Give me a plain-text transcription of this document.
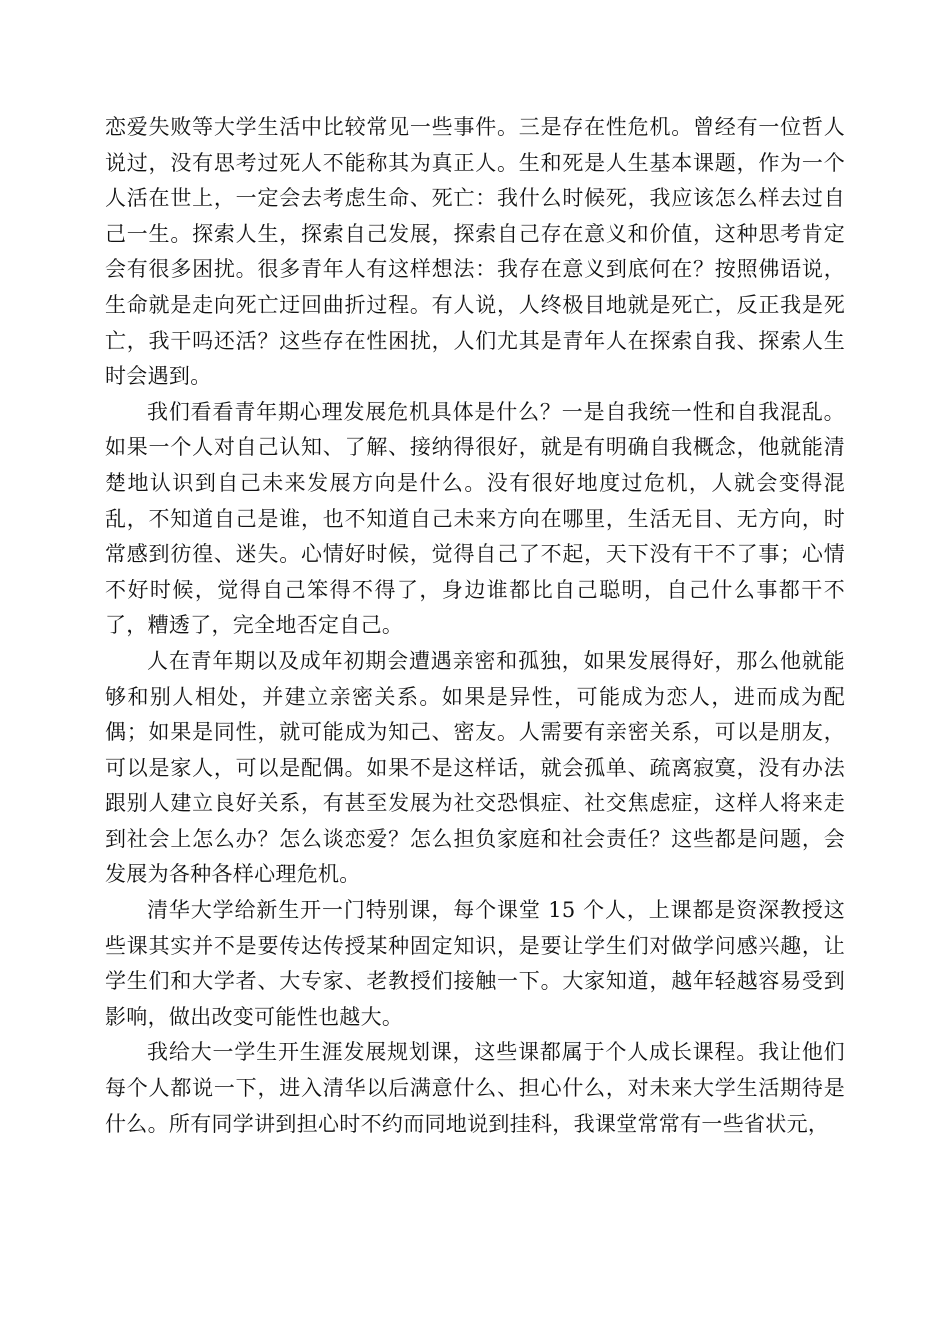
恋爱失败等大学生活中比较常见一些事件。三是存在性危机。曾经有一位哲人说过，没有思考过死人不能称其为真正人。生和死是人生基本课题，作为一个人活在世上，一定会去考虑生命、死亡：我什么时候死，我应该怎么样去过自己一生。探索人生，探索自己发展，探索自己存在意义和价值，这种思考肯定会有很多困扰。很多青年人有这样想法：我存在意义到底何在？按照佛语说，生命就是走向死亡迂回曲折过程。有人说，人终极目地就是死亡，反正我是死亡，我干吗还活？这些存在性困扰，人们尤其是青年人在探索自我、探索人生时会遇到。

我们看看青年期心理发展危机具体是什么？一是自我统一性和自我混乱。如果一个人对自己认知、了解、接纳得很好，就是有明确自我概念，他就能清楚地认识到自己未来发展方向是什么。没有很好地度过危机，人就会变得混乱，不知道自己是谁，也不知道自己未来方向在哪里，生活无目、无方向，时常感到彷徨、迷失。心情好时候，觉得自己了不起，天下没有干不了事；心情不好时候，觉得自己笨得不得了，身边谁都比自己聪明，自己什么事都干不了，糟透了，完全地否定自己。

人在青年期以及成年初期会遭遇亲密和孤独，如果发展得好，那么他就能够和别人相处，并建立亲密关系。如果是异性，可能成为恋人，进而成为配偶；如果是同性，就可能成为知己、密友。人需要有亲密关系，可以是朋友，可以是家人，可以是配偶。如果不是这样话，就会孤单、疏离寂寞，没有办法跟别人建立良好关系，有甚至发展为社交恐惧症、社交焦虑症，这样人将来走到社会上怎么办？怎么谈恋爱？怎么担负家庭和社会责任？这些都是问题，会发展为各种各样心理危机。

清华大学给新生开一门特别课，每个课堂 15 个人，上课都是资深教授这些课其实并不是要传达传授某种固定知识，是要让学生们对做学问感兴趣，让学生们和大学者、大专家、老教授们接触一下。大家知道，越年轻越容易受到影响，做出改变可能性也越大。

我给大一学生开生涯发展规划课，这些课都属于个人成长课程。我让他们每个人都说一下，进入清华以后满意什么、担心什么，对未来大学生活期待是什么。所有同学讲到担心时不约而同地说到挂科，我课堂常常有一些省状元，
